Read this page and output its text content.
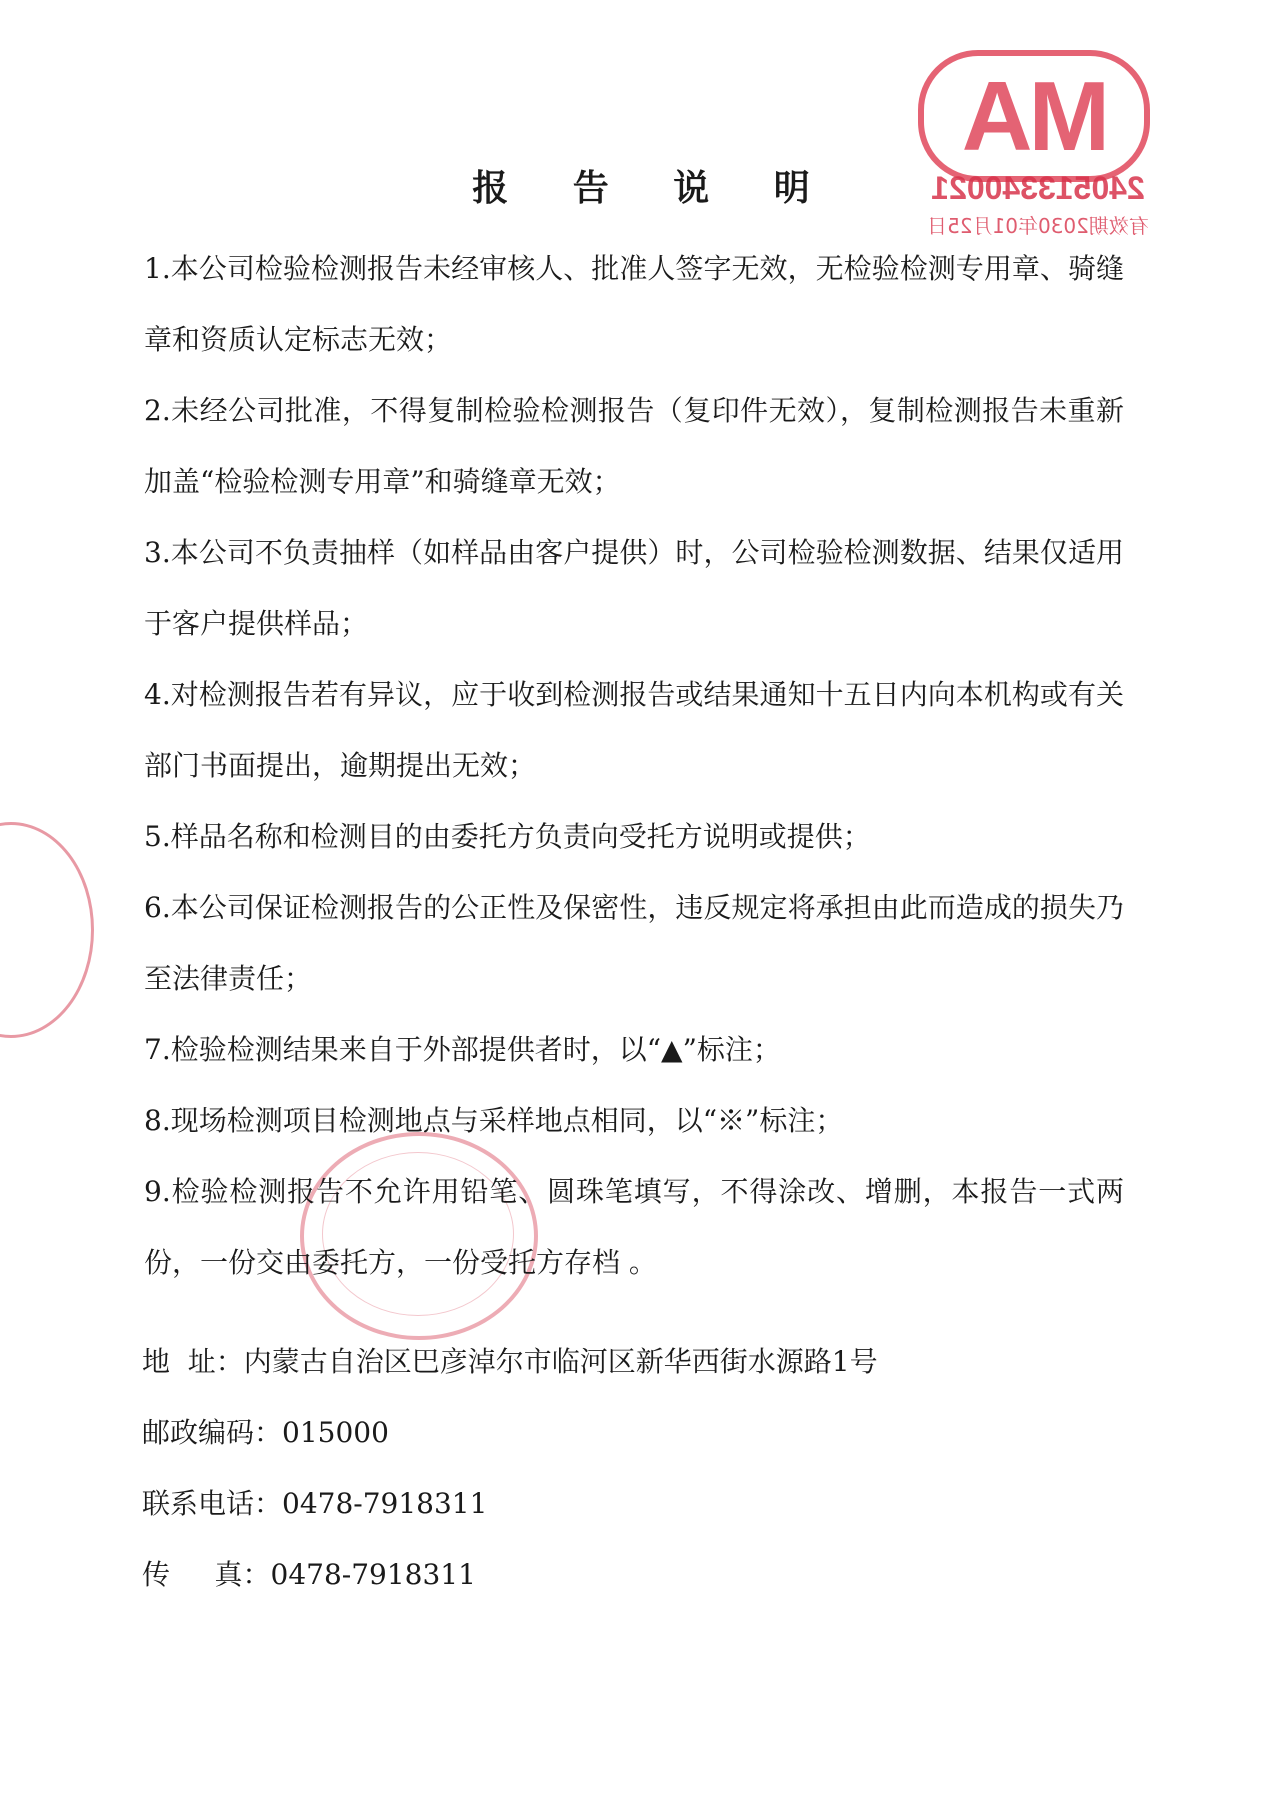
AM
240513340021
有效期2030年01月25日
报 告 说 明

1.本公司检验检测报告未经审核人、批准人签字无效，无检验检测专用章、骑缝章和资质认定标志无效；

2.未经公司批准，不得复制检验检测报告（复印件无效），复制检测报告未重新加盖“检验检测专用章”和骑缝章无效；

3.本公司不负责抽样（如样品由客户提供）时，公司检验检测数据、结果仅适用于客户提供样品；

4.对检测报告若有异议，应于收到检测报告或结果通知十五日内向本机构或有关部门书面提出，逾期提出无效；

5.样品名称和检测目的由委托方负责向受托方说明或提供；

6.本公司保证检测报告的公正性及保密性，违反规定将承担由此而造成的损失乃至法律责任；

7.检验检测结果来自于外部提供者时，以“▲”标注；

8.现场检测项目检测地点与采样地点相同，以“※”标注；

9.检验检测报告不允许用铅笔、圆珠笔填写，不得涂改、增删，本报告一式两份，一份交由委托方，一份受托方存档 。

地  址：内蒙古自治区巴彦淖尔市临河区新华西街水源路1号
邮政编码：015000
联系电话：0478-7918311
传     真：0478-7918311
